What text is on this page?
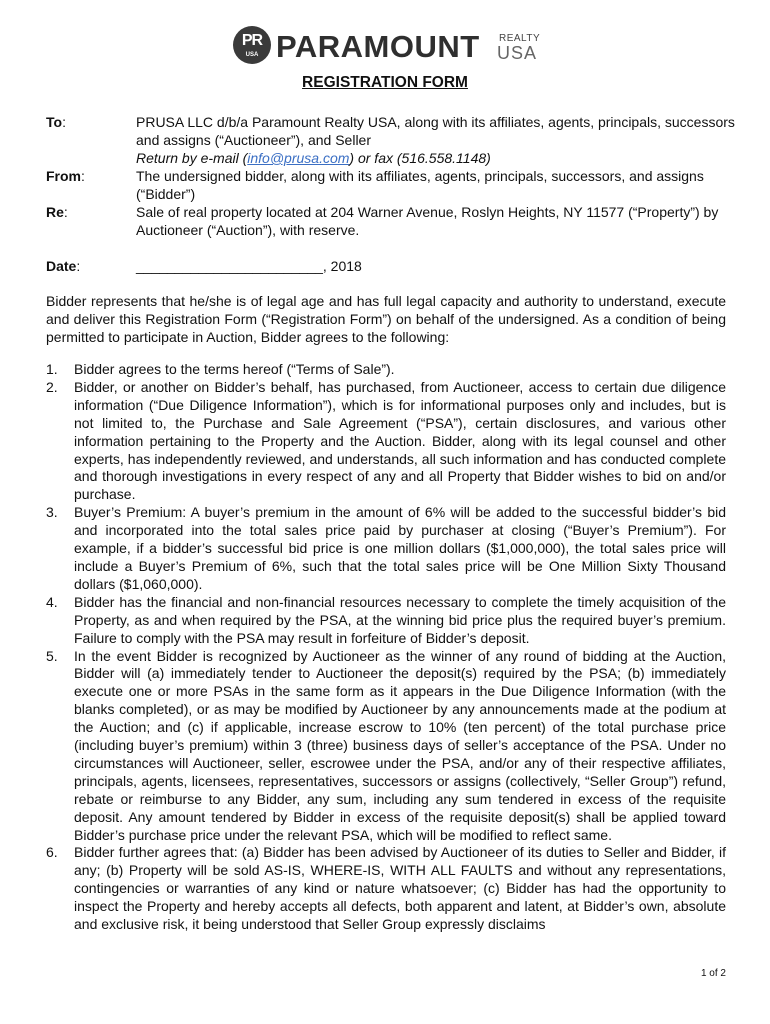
PR
USA PARAMOUNT REALTY
USA
REGISTRATION FORM
To:	PRUSA LLC d/b/a Paramount Realty USA, along with its affiliates, agents, principals, successors and assigns (“Auctioneer”), and Seller
Return by e-mail (info@prusa.com) or fax (516.558.1148)
From:	The undersigned bidder, along with its affiliates, agents, principals, successors, and assigns (“Bidder”)
Re:	Sale of real property located at 204 Warner Avenue, Roslyn Heights, NY 11577 (“Property”) by Auctioneer (“Auction”), with reserve.
Date:	________________________, 2018
Bidder represents that he/she is of legal age and has full legal capacity and authority to understand, execute and deliver this Registration Form (“Registration Form”) on behalf of the undersigned. As a condition of being permitted to participate in Auction, Bidder agrees to the following:
1. Bidder agrees to the terms hereof (“Terms of Sale”).
2. Bidder, or another on Bidder’s behalf, has purchased, from Auctioneer, access to certain due diligence information (“Due Diligence Information”), which is for informational purposes only and includes, but is not limited to, the Purchase and Sale Agreement (“PSA”), certain disclosures, and various other information pertaining to the Property and the Auction. Bidder, along with its legal counsel and other experts, has independently reviewed, and understands, all such information and has conducted complete and thorough investigations in every respect of any and all Property that Bidder wishes to bid on and/or purchase.
3. Buyer’s Premium: A buyer’s premium in the amount of 6% will be added to the successful bidder’s bid and incorporated into the total sales price paid by purchaser at closing (“Buyer’s Premium”). For example, if a bidder’s successful bid price is one million dollars ($1,000,000), the total sales price will include a Buyer’s Premium of 6%, such that the total sales price will be One Million Sixty Thousand dollars ($1,060,000).
4. Bidder has the financial and non-financial resources necessary to complete the timely acquisition of the Property, as and when required by the PSA, at the winning bid price plus the required buyer’s premium. Failure to comply with the PSA may result in forfeiture of Bidder’s deposit.
5. In the event Bidder is recognized by Auctioneer as the winner of any round of bidding at the Auction, Bidder will (a) immediately tender to Auctioneer the deposit(s) required by the PSA; (b) immediately execute one or more PSAs in the same form as it appears in the Due Diligence Information (with the blanks completed), or as may be modified by Auctioneer by any announcements made at the podium at the Auction; and (c) if applicable, increase escrow to 10% (ten percent) of the total purchase price (including buyer’s premium) within 3 (three) business days of seller’s acceptance of the PSA. Under no circumstances will Auctioneer, seller, escrowee under the PSA, and/or any of their respective affiliates, principals, agents, licensees, representatives, successors or assigns (collectively, “Seller Group”) refund, rebate or reimburse to any Bidder, any sum, including any sum tendered in excess of the requisite deposit. Any amount tendered by Bidder in excess of the requisite deposit(s) shall be applied toward Bidder’s purchase price under the relevant PSA, which will be modified to reflect same.
6. Bidder further agrees that: (a) Bidder has been advised by Auctioneer of its duties to Seller and Bidder, if any; (b) Property will be sold AS-IS, WHERE-IS, WITH ALL FAULTS and without any representations, contingencies or warranties of any kind or nature whatsoever; (c) Bidder has had the opportunity to inspect the Property and hereby accepts all defects, both apparent and latent, at Bidder’s own, absolute and exclusive risk, it being understood that Seller Group expressly disclaims
1 of 2
